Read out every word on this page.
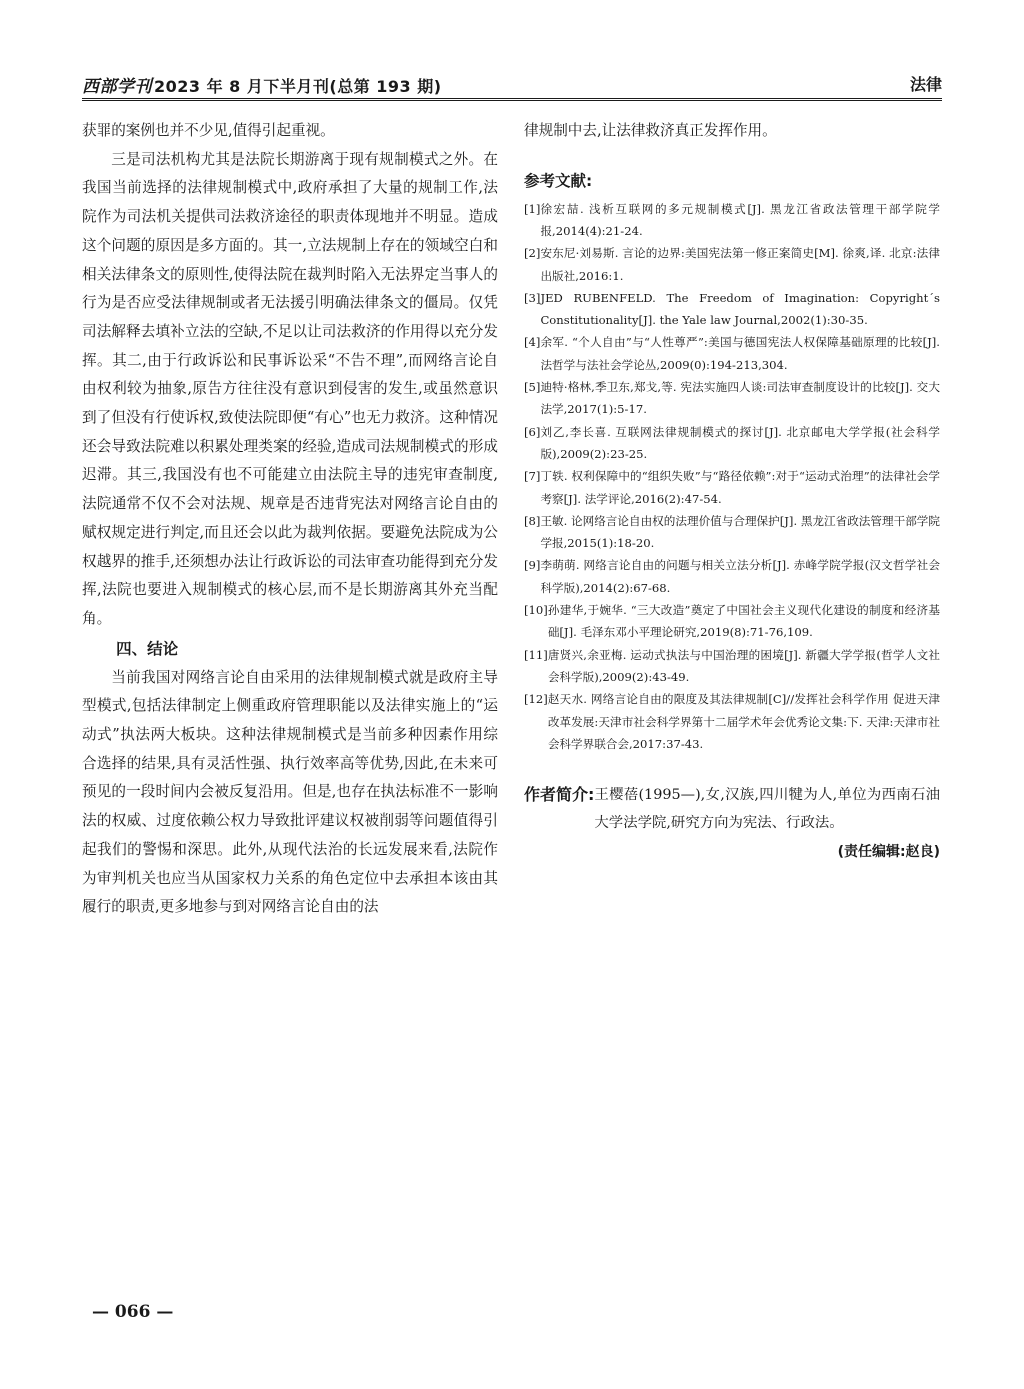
西部学刊 2023 年 8 月下半月刊(总第 193 期)	法律

获罪的案例也并不少见,值得引起重视。

三是司法机构尤其是法院长期游离于现有规制模式之外。在我国当前选择的法律规制模式中,政府承担了大量的规制工作,法院作为司法机关提供司法救济途径的职责体现地并不明显。造成这个问题的原因是多方面的。其一,立法规制上存在的领域空白和相关法律条文的原则性,使得法院在裁判时陷入无法界定当事人的行为是否应受法律规制或者无法援引明确法律条文的僵局。仅凭司法解释去填补立法的空缺,不足以让司法救济的作用得以充分发挥。其二,由于行政诉讼和民事诉讼采“不告不理”,而网络言论自由权利较为抽象,原告方往往没有意识到侵害的发生,或虽然意识到了但没有行使诉权,致使法院即便“有心”也无力救济。这种情况还会导致法院难以积累处理类案的经验,造成司法规制模式的形成迟滞。其三,我国没有也不可能建立由法院主导的违宪审查制度,法院通常不仅不会对法规、规章是否违背宪法对网络言论自由的赋权规定进行判定,而且还会以此为裁判依据。要避免法院成为公权越界的推手,还须想办法让行政诉讼的司法审查功能得到充分发挥,法院也要进入规制模式的核心层,而不是长期游离其外充当配角。

四、结论

当前我国对网络言论自由采用的法律规制模式就是政府主导型模式,包括法律制定上侧重政府管理职能以及法律实施上的“运动式”执法两大板块。这种法律规制模式是当前多种因素作用综合选择的结果,具有灵活性强、执行效率高等优势,因此,在未来可预见的一段时间内会被反复沿用。但是,也存在执法标准不一影响法的权威、过度依赖公权力导致批评建议权被削弱等问题值得引起我们的警惕和深思。此外,从现代法治的长远发展来看,法院作为审判机关也应当从国家权力关系的角色定位中去承担本该由其履行的职责,更多地参与到对网络言论自由的法

律规制中去,让法律救济真正发挥作用。

参考文献:
[1] 徐宏喆. 浅析互联网的多元规制模式[J]. 黑龙江省政法管理干部学院学报,2014(4):21-24.
[2] 安东尼·刘易斯. 言论的边界:美国宪法第一修正案简史[M]. 徐爽,译. 北京:法律出版社,2016:1.
[3] JED RUBENFELD. The Freedom of Imagination: Copyright´s Constitutionality[J]. the Yale law Journal,2002(1):30-35.
[4] 余军. “个人自由”与“人性尊严”:美国与德国宪法人权保障基础原理的比较[J]. 法哲学与法社会学论丛,2009(0):194-213,304.
[5] 迪特·格林,季卫东,郑戈,等. 宪法实施四人谈:司法审查制度设计的比较[J]. 交大法学,2017(1):5-17.
[6] 刘乙,李长喜. 互联网法律规制模式的探讨[J]. 北京邮电大学学报(社会科学版),2009(2):23-25.
[7] 丁轶. 权利保障中的“组织失败”与“路径依赖”:对于“运动式治理”的法律社会学考察[J]. 法学评论,2016(2):47-54.
[8] 王敏. 论网络言论自由权的法理价值与合理保护[J]. 黑龙江省政法管理干部学院学报,2015(1):18-20.
[9] 李萌萌. 网络言论自由的问题与相关立法分析[J]. 赤峰学院学报(汉文哲学社会科学版),2014(2):67-68.
[10] 孙建华,于婉华. “三大改造”奠定了中国社会主义现代化建设的制度和经济基础[J]. 毛泽东邓小平理论研究,2019(8):71-76,109.
[11] 唐贤兴,余亚梅. 运动式执法与中国治理的困境[J]. 新疆大学学报(哲学人文社会科学版),2009(2):43-49.
[12] 赵天水. 网络言论自由的限度及其法律规制[C]//发挥社会科学作用 促进天津改革发展:天津市社会科学界第十二届学术年会优秀论文集:下. 天津:天津市社会科学界联合会,2017:37-43.
作者简介: 王樱蓓(1995—),女,汉族,四川犍为人,单位为西南石油大学法学院,研究方向为宪法、行政法。
(责任编辑:赵良)
— 066 —
